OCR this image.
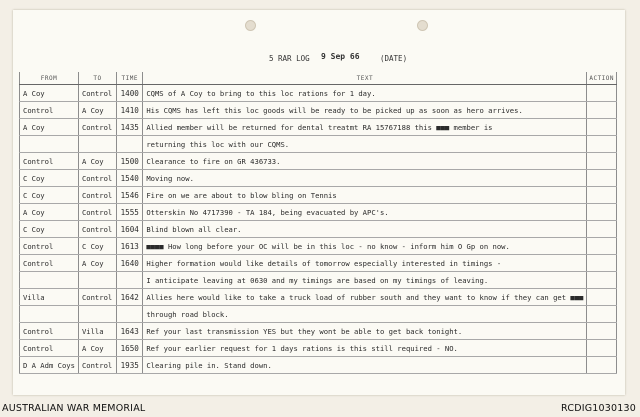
5 RAR LOG 9 Sep 66	(DATE)
FROM	TO	TIME	TEXT	ACTION
A Coy	Control	1400	CQMS of A Coy to bring to this loc rations for 1 day.	
Control	A Coy	1410	His CQMS has left this loc goods will be ready to be picked up as soon as hero arrives.	
A Coy	Control	1435	Allied member will be returned for dental treatmt RA 15767188 this ■■■ member is	
			returning this loc with our CQMS.	
Control	A Coy	1500	Clearance to fire on GR 436733.	
C Coy	Control	1540	Moving now.	
C Coy	Control	1546	Fire on we are about to blow bling on Tennis	
A Coy	Control	1555	Otterskin No 4717390 - TA 184, being evacuated by APC's.	
C Coy	Control	1604	Blind blown all clear.	
Control	C Coy	1613	■■■■ How long before your OC will be in this loc - no know - inform him O Gp on now.	
Control	A Coy	1640	Higher formation would like details of tomorrow especially interested in timings -	
			I anticipate leaving at 0630 and my timings are based on my timings of leaving.	
Villa	Control	1642	Allies here would like to take a truck load of rubber south and they want to know if they can get ■■■	
			through road block.	
Control	Villa	1643	Ref your last transmission YES but they wont be able to get back tonight.	
Control	A Coy	1650	Ref your earlier request for 1 days rations is this still required - NO.	
D A Adm Coys	Control	1935	Clearing pile in. Stand down.	
AUSTRALIAN WAR MEMORIAL	RCDIG1030130
